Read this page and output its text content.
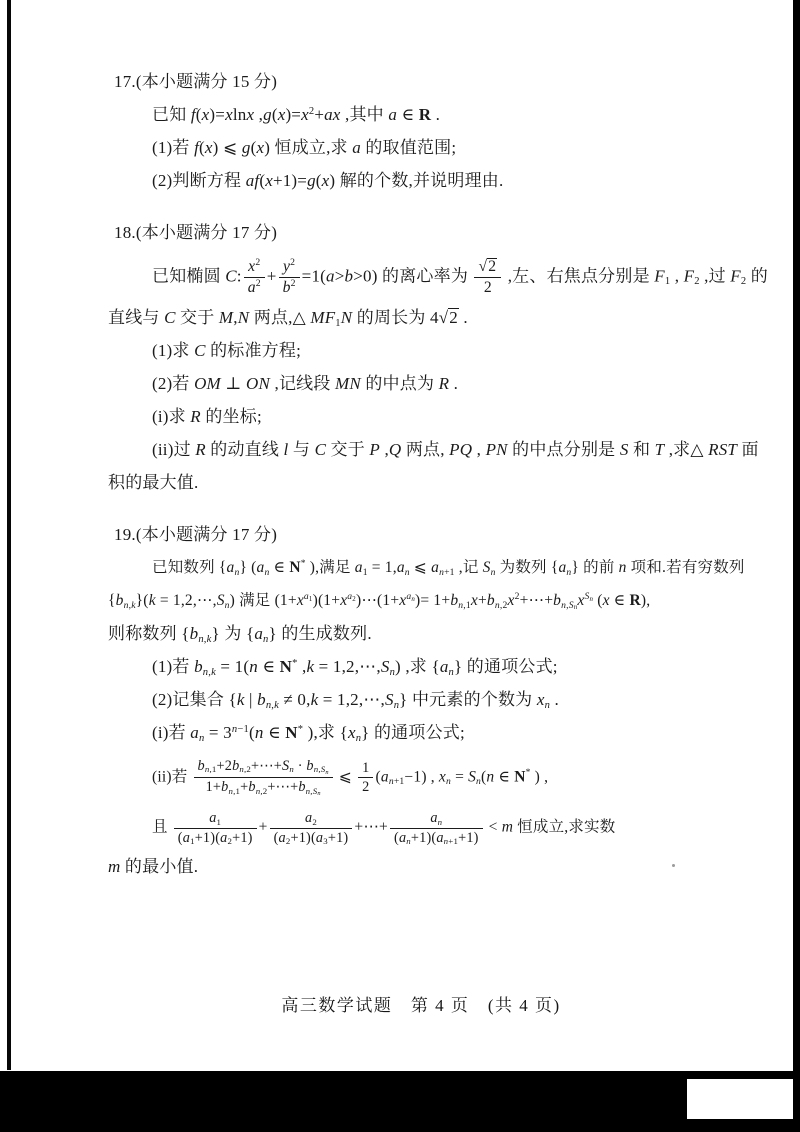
17.(本小题满分 15 分)
已知 f(x)=xlnx ,g(x)=x2+ax ,其中 a ∈ R .
(1)若 f(x) ⩽ g(x) 恒成立,求 a 的取值范围;
(2)判断方程 af(x+1)=g(x) 解的个数,并说明理由.
18.(本小题满分 17 分)
已知椭圆 C: $\frac{x2}{a2} + \frac{y2}{b2} =1(a>b>0)$ 的离心率为 $\frac{√2}{2}$ ,左、右焦点分别是 F1 , F2 ,过 F2 的
直线与 C 交于 M,N 两点,△ MF1N 的周长为 4√2 .
(1)求 C 的标准方程;
(2)若 OM ⊥ ON ,记线段 MN 的中点为 R .
(i)求 R 的坐标;
(ii)过 R 的动直线 l 与 C 交于 P ,Q 两点, PQ , PN 的中点分别是 S 和 T ,求△ RST 面
积的最大值.
19.(本小题满分 17 分)
已知数列 {an} (an ∈ N* ),满足 a1 = 1,an ⩽ an+1 ,记 Sn 为数列 {an} 的前 n 项和.若有穷数列
{bn,k}(k = 1,2,⋯,Sn) 满足 (1+xa1)(1+xa2)⋯(1+xan)= 1+bn,1x+bn,2x2+⋯+bn,SnxSn (x ∈ R),
则称数列 {bn,k} 为 {an} 的生成数列.
(1)若 bn,k = 1(n ∈ N* ,k = 1,2,⋯,Sn) ,求 {an} 的通项公式;
(2)记集合 {k | bn,k ≠ 0,k = 1,2,⋯,Sn} 中元素的个数为 xn .
(i)若 an = 3n−1(n ∈ N* ),求 {xn} 的通项公式;
(ii)若 $\frac{bn,1+2bn,2+\cdots+Sn \cdot bn,Sn}{1+bn,1+bn,2+\cdots+bn,Sn}$ ⩽ $\frac{1}{2} (an+1-1)$ , xn = Sn(n ∈ N* ) ,
且 $\frac{a1}{(a1+1)(a2+1)} + \frac{a2}{(a2+1)(a3+1)}$ +⋯+ $\frac{an}{(an+1)(an+1+1)} < m$ 恒成立,求实数
m 的最小值.
高三数学试题　第 4 页　(共 4 页)
